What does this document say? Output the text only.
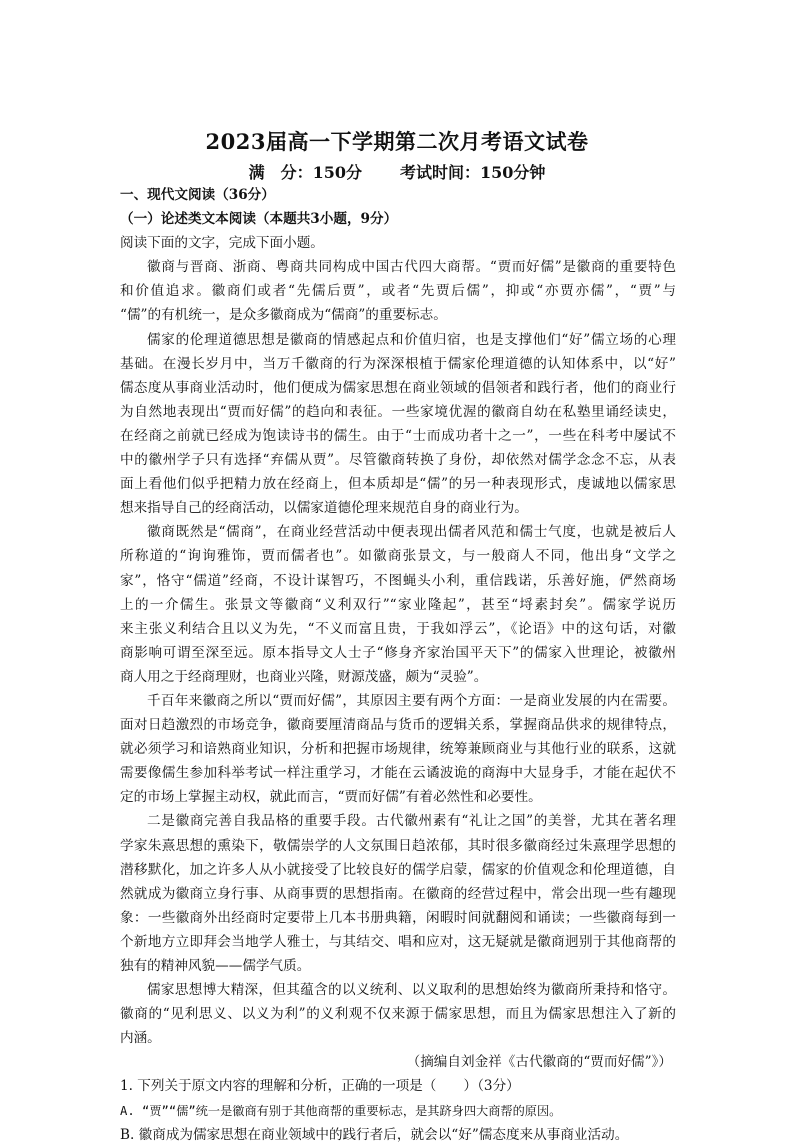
2023届高一下学期第二次月考语文试卷
满　分：150分 考试时间：150分钟
一、现代文阅读（36分）
（一）论述类文本阅读（本题共3小题，9分）
阅读下面的文字，完成下面小题。
徽商与晋商、浙商、粤商共同构成中国古代四大商帮。“贾而好儒”是徽商的重要特色
和价值追求。徽商们或者“先儒后贾”，或者“先贾后儒”，抑或“亦贾亦儒”，“贾”与
“儒”的有机统一，是众多徽商成为“儒商”的重要标志。
儒家的伦理道德思想是徽商的情感起点和价值归宿，也是支撑他们“好”儒立场的心理
基础。在漫长岁月中，当万千徽商的行为深深根植于儒家伦理道德的认知体系中，以“好”
儒态度从事商业活动时，他们便成为儒家思想在商业领域的倡领者和践行者，他们的商业行
为自然地表现出“贾而好儒”的趋向和表征。一些家境优渥的徽商自幼在私塾里诵经读史，
在经商之前就已经成为饱读诗书的儒生。由于“士而成功者十之一”，一些在科考中屡试不
中的徽州学子只有选择“弃儒从贾”。尽管徽商转换了身份，却依然对儒学念念不忘，从表
面上看他们似乎把精力放在经商上，但本质却是“儒”的另一种表现形式，虔诚地以儒家思
想来指导自己的经商活动，以儒家道德伦理来规范自身的商业行为。
徽商既然是“儒商”，在商业经营活动中便表现出儒者风范和儒士气度，也就是被后人
所称道的“询询雅饰，贾而儒者也”。如徽商张景文，与一般商人不同，他出身“文学之
家”，恪守“儒道”经商，不设计谋智巧，不图蝇头小利，重信践诺，乐善好施，俨然商场
上的一介儒生。张景文等徽商“义利双行”“家业隆起”，甚至“埒素封矣”。儒家学说历
来主张义利结合且以义为先，“不义而富且贵，于我如浮云”，《论语》中的这句话，对徽
商影响可谓至深至远。原本指导文人士子“修身齐家治国平天下”的儒家入世理论，被徽州
商人用之于经商理财，也商业兴隆，财源茂盛，颇为“灵验”。
千百年来徽商之所以“贾而好儒”，其原因主要有两个方面：一是商业发展的内在需要。
面对日趋激烈的市场竞争，徽商要厘清商品与货币的逻辑关系，掌握商品供求的规律特点，
就必须学习和谙熟商业知识，分析和把握市场规律，统筹兼顾商业与其他行业的联系，这就
需要像儒生参加科举考试一样注重学习，才能在云谲波诡的商海中大显身手，才能在起伏不
定的市场上掌握主动权，就此而言，“贾而好儒”有着必然性和必要性。
二是徽商完善自我品格的重要手段。古代徽州素有“礼让之国”的美誉，尤其在著名理
学家朱熹思想的熏染下，敬儒崇学的人文氛围日趋浓郁，其时很多徽商经过朱熹理学思想的
潜移默化，加之许多人从小就接受了比较良好的儒学启蒙，儒家的价值观念和伦理道德，自
然就成为徽商立身行事、从商事贾的思想指南。在徽商的经营过程中，常会出现一些有趣现
象：一些徽商外出经商时定要带上几本书册典籍，闲暇时间就翻阅和诵读；一些徽商每到一
个新地方立即拜会当地学人雅士，与其结交、唱和应对，这无疑就是徽商迥别于其他商帮的
独有的精神风貌——儒学气质。
儒家思想博大精深，但其蕴含的以义统利、以义取利的思想始终为徽商所秉持和恪守。
徽商的“见利思义、以义为利”的义利观不仅来源于儒家思想，而且为儒家思想注入了新的
内涵。
（摘编自刘金祥《古代徽商的“贾而好儒”》）
1. 下列关于原文内容的理解和分析，正确的一项是（　　）（3分）
A. “贾”“儒”统一是徽商有别于其他商帮的重要标志，是其跻身四大商帮的原因。
B. 徽商成为儒家思想在商业领域中的践行者后，就会以“好”儒态度来从事商业活动。
